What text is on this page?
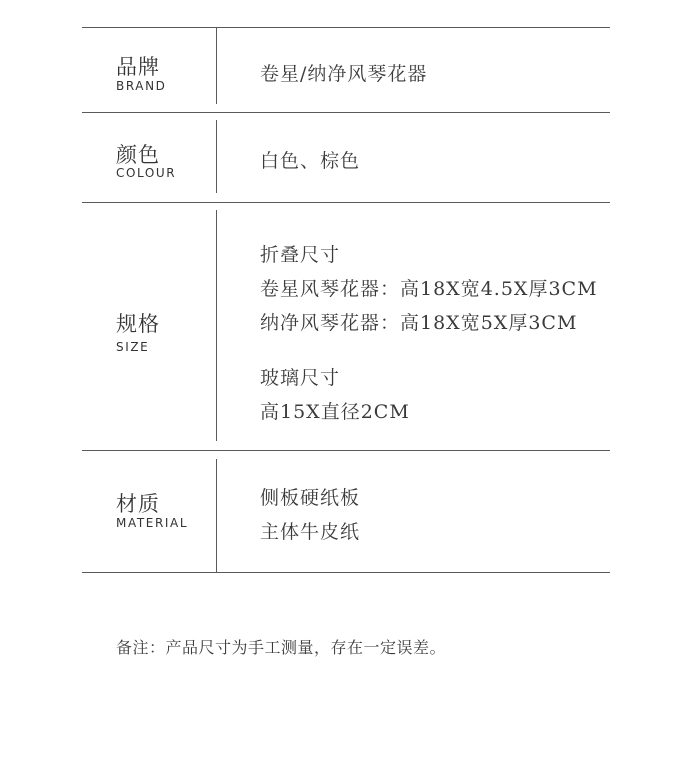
品牌
BRAND
卷星/纳净风琴花器
颜色
COLOUR
白色、棕色
规格
SIZE
折叠尺寸
卷星风琴花器：高18X宽4.5X厚3CM
纳净风琴花器：高18X宽5X厚3CM
玻璃尺寸
高15X直径2CM
材质
MATERIAL
侧板硬纸板
主体牛皮纸
备注：产品尺寸为手工测量，存在一定误差。
